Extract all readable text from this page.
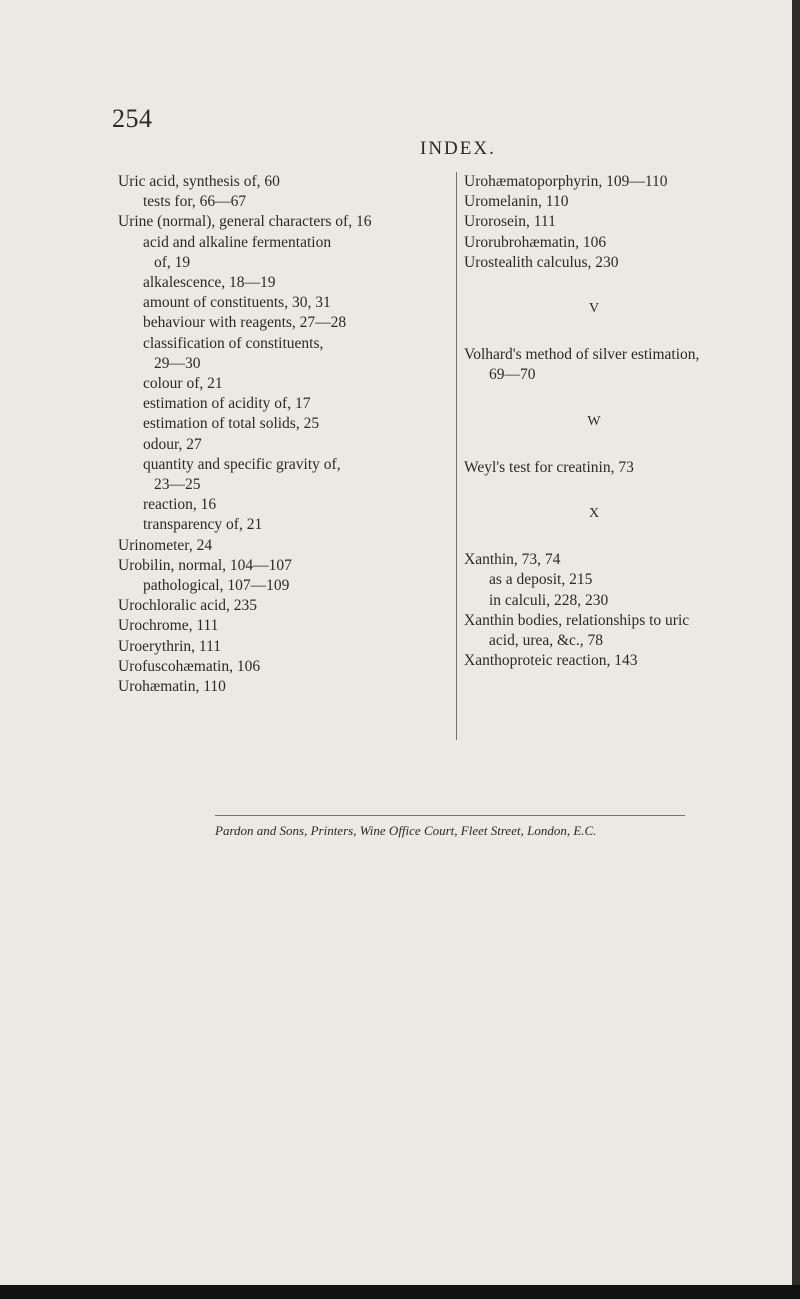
254
INDEX.
Uric acid, synthesis of, 60
tests for, 66—67
Urine (normal), general characters of, 16
acid and alkaline fermentation
of, 19
alkalescence, 18—19
amount of constituents, 30, 31
behaviour with reagents, 27—28
classification of constituents,
29—30
colour of, 21
estimation of acidity of, 17
estimation of total solids, 25
odour, 27
quantity and specific gravity of,
23—25
reaction, 16
transparency of, 21
Urinometer, 24
Urobilin, normal, 104—107
pathological, 107—109
Urochloralic acid, 235
Urochrome, 111
Uroerythrin, 111
Urofuscohæmatin, 106
Urohæmatin, 110
Urohæmatoporphyrin, 109—110
Uromelanin, 110
Urorosein, 111
Urorubrohæmatin, 106
Urostealith calculus, 230
V
Volhard's method of silver estimation,
69—70
W
Weyl's test for creatinin, 73
X
Xanthin, 73, 74
as a deposit, 215
in calculi, 228, 230
Xanthin bodies, relationships to uric
acid, urea, &c., 78
Xanthoproteic reaction, 143
Pardon and Sons, Printers, Wine Office Court, Fleet Street, London, E.C.
